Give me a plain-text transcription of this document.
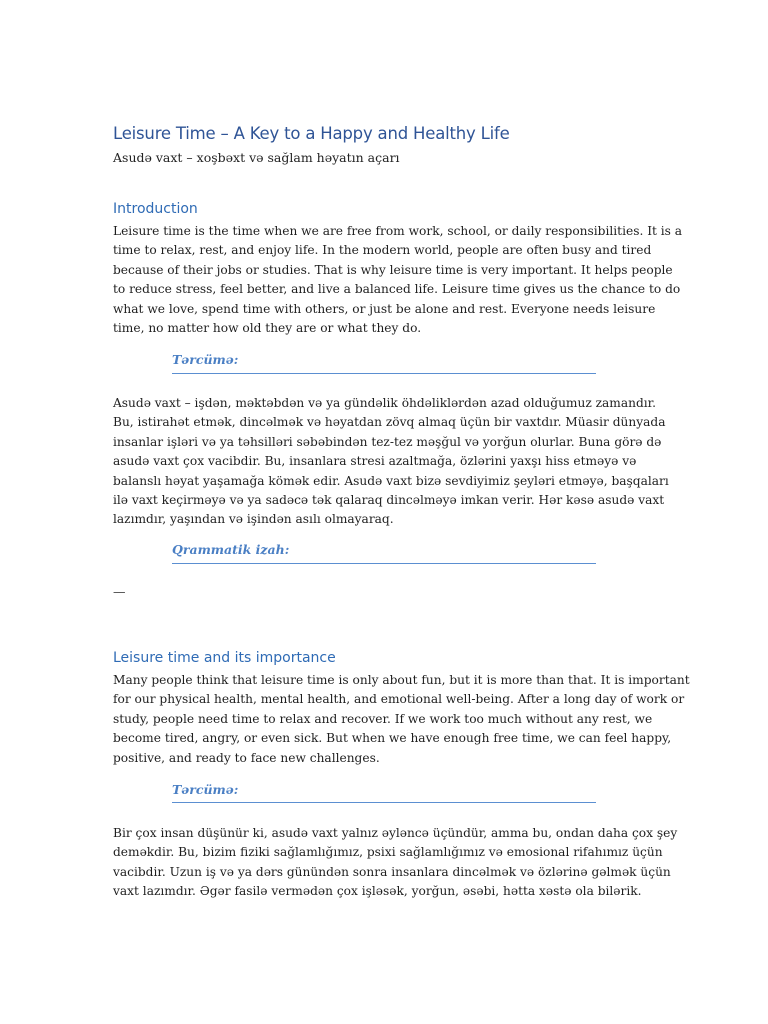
Leisure Time – A Key to a Happy and Healthy Life
Asudə vaxt – xoşbəxt və sağlam həyatın açarı
Introduction
Leisure time is the time when we are free from work, school, or daily responsibilities. It is a
time to relax, rest, and enjoy life. In the modern world, people are often busy and tired
because of their jobs or studies. That is why leisure time is very important. It helps people
to reduce stress, feel better, and live a balanced life. Leisure time gives us the chance to do
what we love, spend time with others, or just be alone and rest. Everyone needs leisure
time, no matter how old they are or what they do.
Tərcümə:
Asudə vaxt – işdən, məktəbdən və ya gündəlik öhdəliklərdən azad olduğumuz zamandır.
Bu, istirahət etmək, dincəlmək və həyatdan zövq almaq üçün bir vaxtdır. Müasir dünyada
insanlar işləri və ya təhsilləri səbəbindən tez-tez məşğul və yorğun olurlar. Buna görə də
asudə vaxt çox vacibdir. Bu, insanlara stresi azaltmağa, özlərini yaxşı hiss etməyə və
balanslı həyat yaşamağa kömək edir. Asudə vaxt bizə sevdiyimiz şeyləri etməyə, başqaları
ilə vaxt keçirməyə və ya sadəcə tək qalaraq dincəlməyə imkan verir. Hər kəsə asudə vaxt
lazımdır, yaşından və işindən asılı olmayaraq.
Qrammatik izah:
—
Leisure time and its importance
Many people think that leisure time is only about fun, but it is more than that. It is important
for our physical health, mental health, and emotional well-being. After a long day of work or
study, people need time to relax and recover. If we work too much without any rest, we
become tired, angry, or even sick. But when we have enough free time, we can feel happy,
positive, and ready to face new challenges.
Tərcümə:
Bir çox insan düşünür ki, asudə vaxt yalnız əyləncə üçündür, amma bu, ondan daha çox şey
deməkdir. Bu, bizim fiziki sağlamlığımız, psixi sağlamlığımız və emosional rifahımız üçün
vacibdir. Uzun iş və ya dərs günündən sonra insanlara dincəlmək və özlərinə gəlmək üçün
vaxt lazımdır. Əgər fasilə vermədən çox işləsək, yorğun, əsəbi, hətta xəstə ola bilərik.
